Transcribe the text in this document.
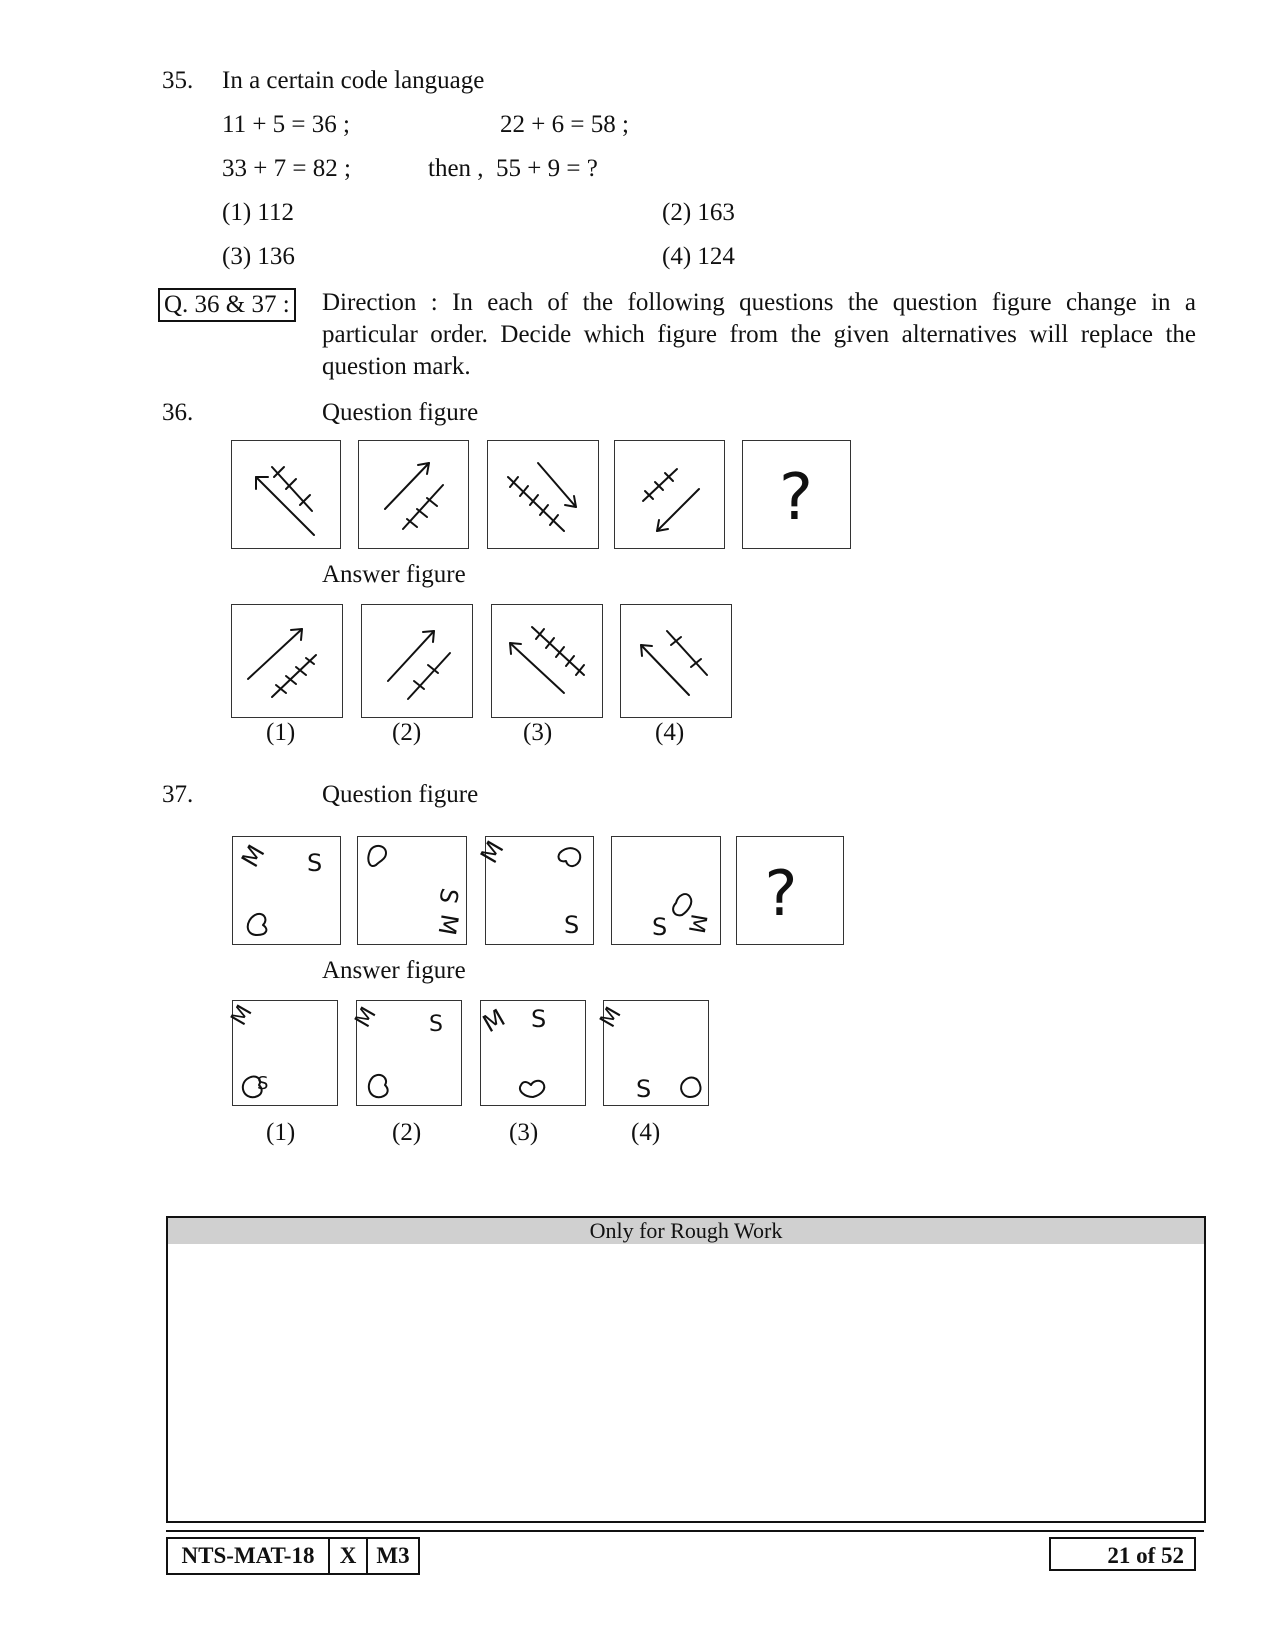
35. In a certain code language
11 + 5 = 36 ;	22 + 6 = 58 ;
33 + 7 = 82 ;	then ,  55 + 9 = ?
(1) 112	(2) 163
(3) 136	(4) 124
Q. 36 & 37 : Direction : In each of the following questions the question figure change in a
particular order. Decide which figure from the given alternatives will replace the
question mark.
36.	Question figure
?
Answer figure
(1)	(2)	(3)	(4)
37.	Question figure
M S
S
M
M
S	S M ?
Answer figure
M
S
M S M S M
S
(1)	(2)	(3)	(4)
Only for Rough Work
NTS-MAT-18	X M3	21 of 52
